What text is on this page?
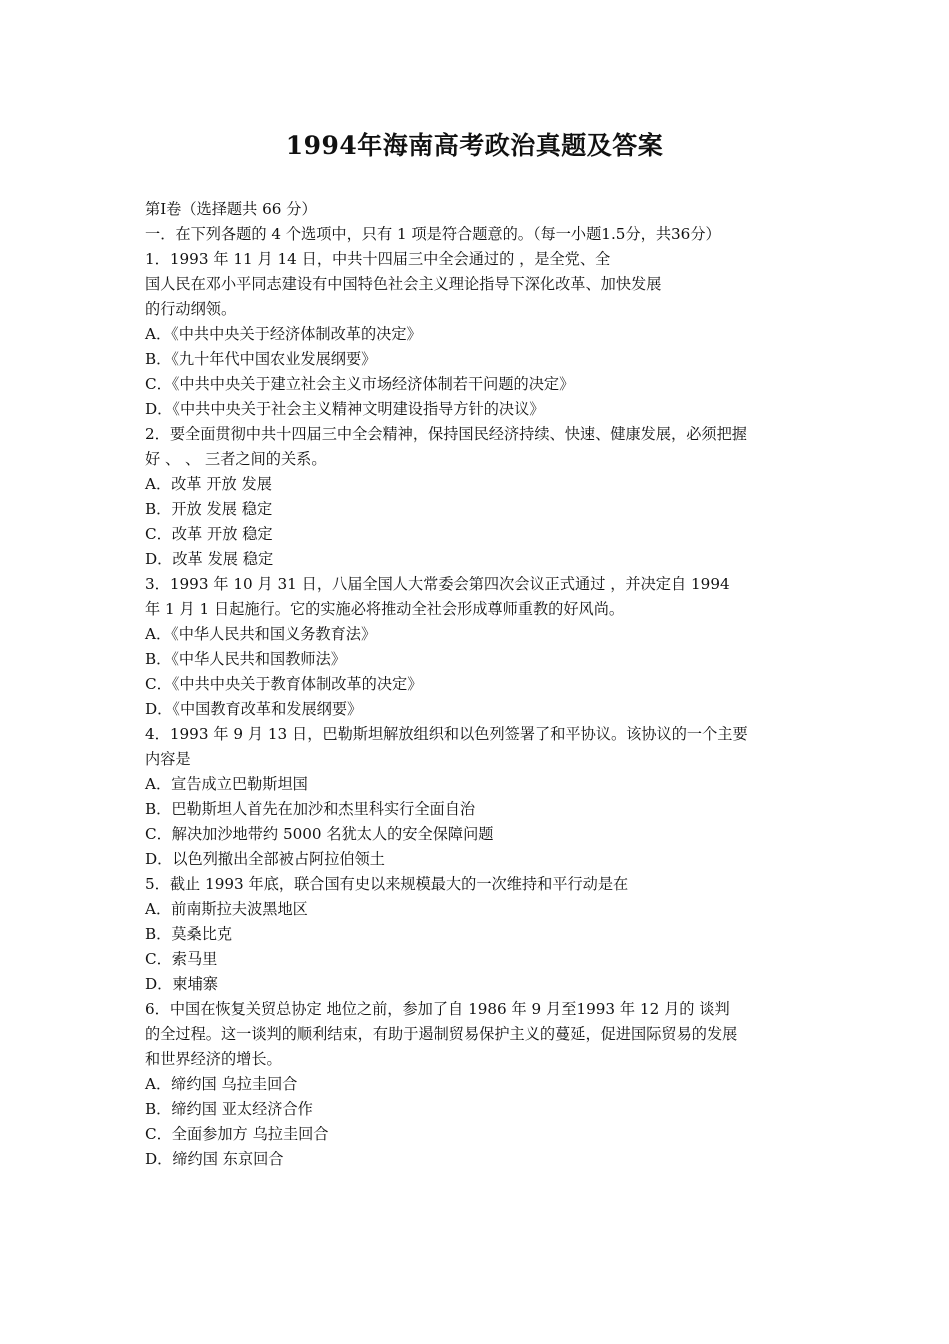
1994年海南高考政治真题及答案
第Ⅰ卷（选择题共 66 分）
一．在下列各题的 4 个选项中，只有 1 项是符合题意的。（每一小题1.5分，共36分）
1．1993 年 11 月 14 日，中共十四届三中全会通过的 ，是全党、全
国人民在邓小平同志建设有中国特色社会主义理论指导下深化改革、加快发展
的行动纲领。
A．《中共中央关于经济体制改革的决定》
B．《九十年代中国农业发展纲要》
C．《中共中央关于建立社会主义市场经济体制若干问题的决定》
D．《中共中央关于社会主义精神文明建设指导方针的决议》
2．要全面贯彻中共十四届三中全会精神，保持国民经济持续、快速、健康发展，必须把握
好 、 、 三者之间的关系。
A．改革 开放 发展
B．开放 发展 稳定
C．改革 开放 稳定
D．改革 发展 稳定
3．1993 年 10 月 31 日，八届全国人大常委会第四次会议正式通过 ，并决定自 1994
年 1 月 1 日起施行。它的实施必将推动全社会形成尊师重教的好风尚。
A．《中华人民共和国义务教育法》
B．《中华人民共和国教师法》
C．《中共中央关于教育体制改革的决定》
D．《中国教育改革和发展纲要》
4．1993 年 9 月 13 日，巴勒斯坦解放组织和以色列签署了和平协议。该协议的一个主要
内容是
A．宣告成立巴勒斯坦国
B．巴勒斯坦人首先在加沙和杰里科实行全面自治
C．解决加沙地带约 5000 名犹太人的安全保障问题
D．以色列撤出全部被占阿拉伯领土
5．截止 1993 年底，联合国有史以来规模最大的一次维持和平行动是在
A．前南斯拉夫波黑地区
B．莫桑比克
C．索马里
D．柬埔寨
6．中国在恢复关贸总协定 地位之前，参加了自 1986 年 9 月至1993 年 12 月的 谈判
的全过程。这一谈判的顺利结束，有助于遏制贸易保护主义的蔓延，促进国际贸易的发展
和世界经济的增长。
A．缔约国 乌拉圭回合
B．缔约国 亚太经济合作
C．全面参加方 乌拉圭回合
D．缔约国 东京回合
